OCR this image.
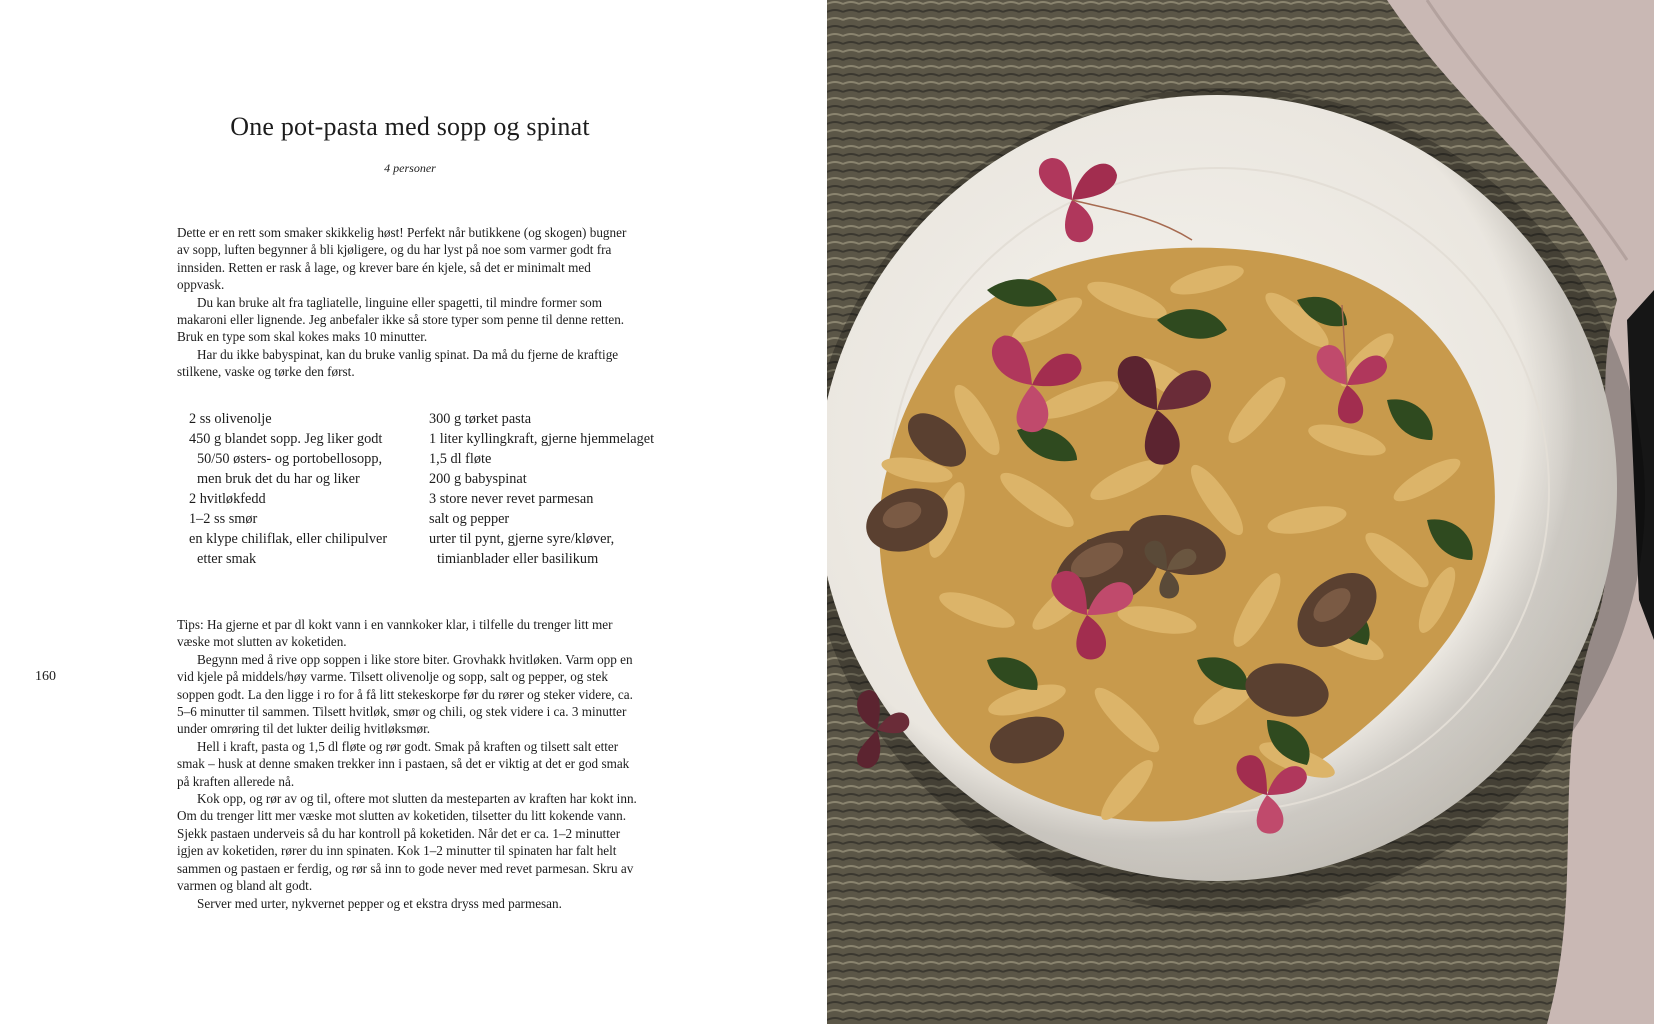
One pot-pasta med sopp og spinat
4 personer

Dette er en rett som smaker skikkelig høst! Perfekt når butikkene (og skogen) bugner av sopp, luften begynner å bli kjøligere, og du har lyst på noe som varmer godt fra innsiden. Retten er rask å lage, og krever bare én kjele, så det er minimalt med oppvask.

Du kan bruke alt fra tagliatelle, linguine eller spagetti, til mindre former som makaroni eller lignende. Jeg anbefaler ikke så store typer som penne til denne retten. Bruk en type som skal kokes maks 10 minutter.

Har du ikke babyspinat, kan du bruke vanlig spinat. Da må du fjerne de kraftige stilkene, vaske og tørke den først.

2 ss olivenolje
450 g blandet sopp. Jeg liker godt 50/50 østers- og portobellosopp, men bruk det du har og liker
2 hvitløkfedd
1–2 ss smør
en klype chiliflak, eller chilipulver etter smak
300 g tørket pasta
1 liter kyllingkraft, gjerne hjemmelaget
1,5 dl fløte
200 g babyspinat
3 store never revet parmesan
salt og pepper
urter til pynt, gjerne syre/kløver, timianblader eller basilikum

Tips: Ha gjerne et par dl kokt vann i en vannkoker klar, i tilfelle du trenger litt mer væske mot slutten av koketiden.

Begynn med å rive opp soppen i like store biter. Grovhakk hvitløken. Varm opp en vid kjele på middels/høy varme. Tilsett olivenolje og sopp, salt og pepper, og stek soppen godt. La den ligge i ro for å få litt stekeskorpe før du rører og steker videre, ca. 5–6 minutter til sammen. Tilsett hvitløk, smør og chili, og stek videre i ca. 3 minutter under omrøring til det lukter deilig hvitløksmør.

Hell i kraft, pasta og 1,5 dl fløte og rør godt. Smak på kraften og tilsett salt etter smak – husk at denne smaken trekker inn i pastaen, så det er viktig at det er god smak på kraften allerede nå.

Kok opp, og rør av og til, oftere mot slutten da mesteparten av kraften har kokt inn. Om du trenger litt mer væske mot slutten av koketiden, tilsetter du litt kokende vann. Sjekk pastaen underveis så du har kontroll på koketiden. Når det er ca. 1–2 minutter igjen av koketiden, rører du inn spinaten. Kok 1–2 minutter til spinaten har falt helt sammen og pastaen er ferdig, og rør så inn to gode never med revet parmesan. Skru av varmen og bland alt godt.

Server med urter, nykvernet pepper og et ekstra dryss med parmesan.

160
